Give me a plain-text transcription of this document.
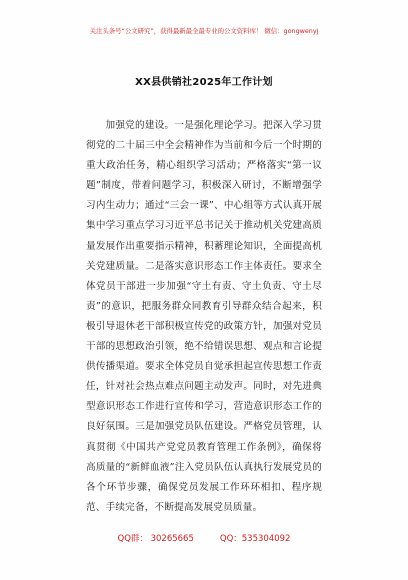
关注头条号“公文研究”，获得最新最全最专业的公文资料库！ 微信：gongwenyj
XX县供销社2025年工作计划

加强党的建设。一是强化理论学习。把深入学习贯彻党的二十届三中全会精神作为当前和今后一个时期的重大政治任务，精心组织学习活动；严格落实“第一议题”制度，带着问题学习，积极深入研讨，不断增强学习内生动力；通过“三会一课”、中心组等方式认真开展集中学习重点学习习近平总书记关于推动机关党建高质量发展作出重要指示精神，积蓄理论知识，全面提高机关党建质量。二是落实意识形态工作主体责任。要求全体党员干部进一步加强“守土有责、守土负责、守土尽责”的意识，把服务群众同教育引导群众结合起来，积极引导退休老干部积极宣传党的政策方针，加强对党员干部的思想政治引领，绝不给错误思想、观点和言论提供传播渠道。要求全体党员自觉承担起宣传思想工作责任，针对社会热点难点问题主动发声。同时，对先进典型意识形态工作进行宣传和学习，营造意识形态工作的良好氛围。三是加强党员队伍建设。严格党员管理，认真贯彻《中国共产党党员教育管理工作条例》，确保将高质量的“新鲜血液”注入党员队伍认真执行发展党员的各个环节步骤，确保党员发展工作环环相扣、程序规范、手续完备，不断提高发展党员质量。

QQ群： 30265665	QQ：535304092
